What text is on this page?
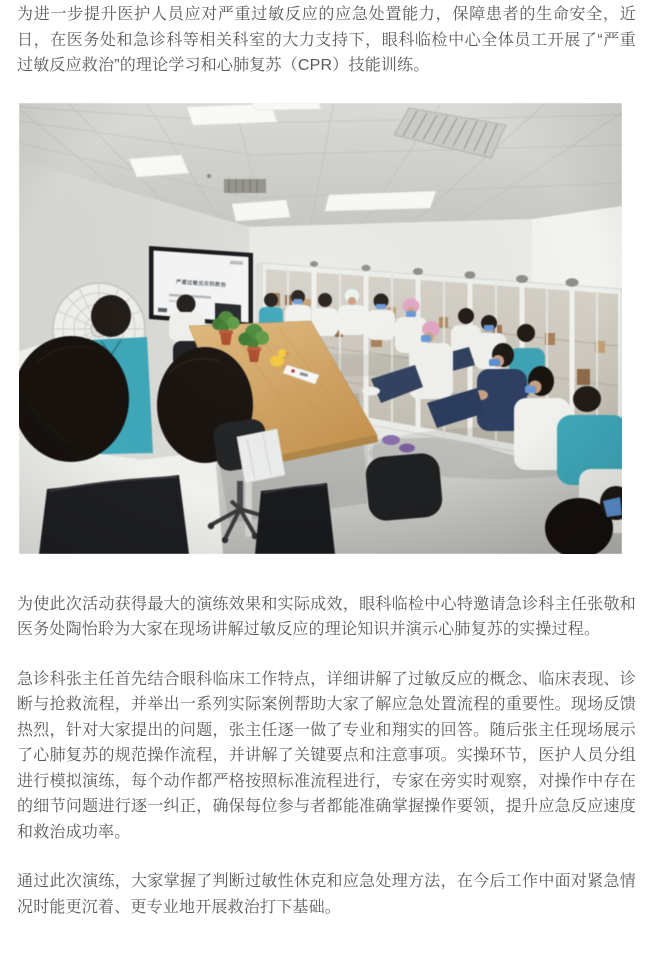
为进一步提升医护人员应对严重过敏反应的应急处置能力，保障患者的生命安全，近日，在医务处和急诊科等相关科室的大力支持下，眼科临检中心全体员工开展了“严重过敏反应救治”的理论学习和心肺复苏（CPR）技能训练。

为使此次活动获得最大的演练效果和实际成效，眼科临检中心特邀请急诊科主任张敬和医务处陶怡聆为大家在现场讲解过敏反应的理论知识并演示心肺复苏的实操过程。

急诊科张主任首先结合眼科临床工作特点，详细讲解了过敏反应的概念、临床表现、诊断与抢救流程，并举出一系列实际案例帮助大家了解应急处置流程的重要性。现场反馈热烈，针对大家提出的问题，张主任逐一做了专业和翔实的回答。随后张主任现场展示了心肺复苏的规范操作流程，并讲解了关键要点和注意事项。实操环节，医护人员分组进行模拟演练，每个动作都严格按照标准流程进行，专家在旁实时观察，对操作中存在的细节问题进行逐一纠正，确保每位参与者都能准确掌握操作要领，提升应急反应速度和救治成功率。

通过此次演练，大家掌握了判断过敏性休克和应急处理方法，在今后工作中面对紧急情况时能更沉着、更专业地开展救治打下基础。
